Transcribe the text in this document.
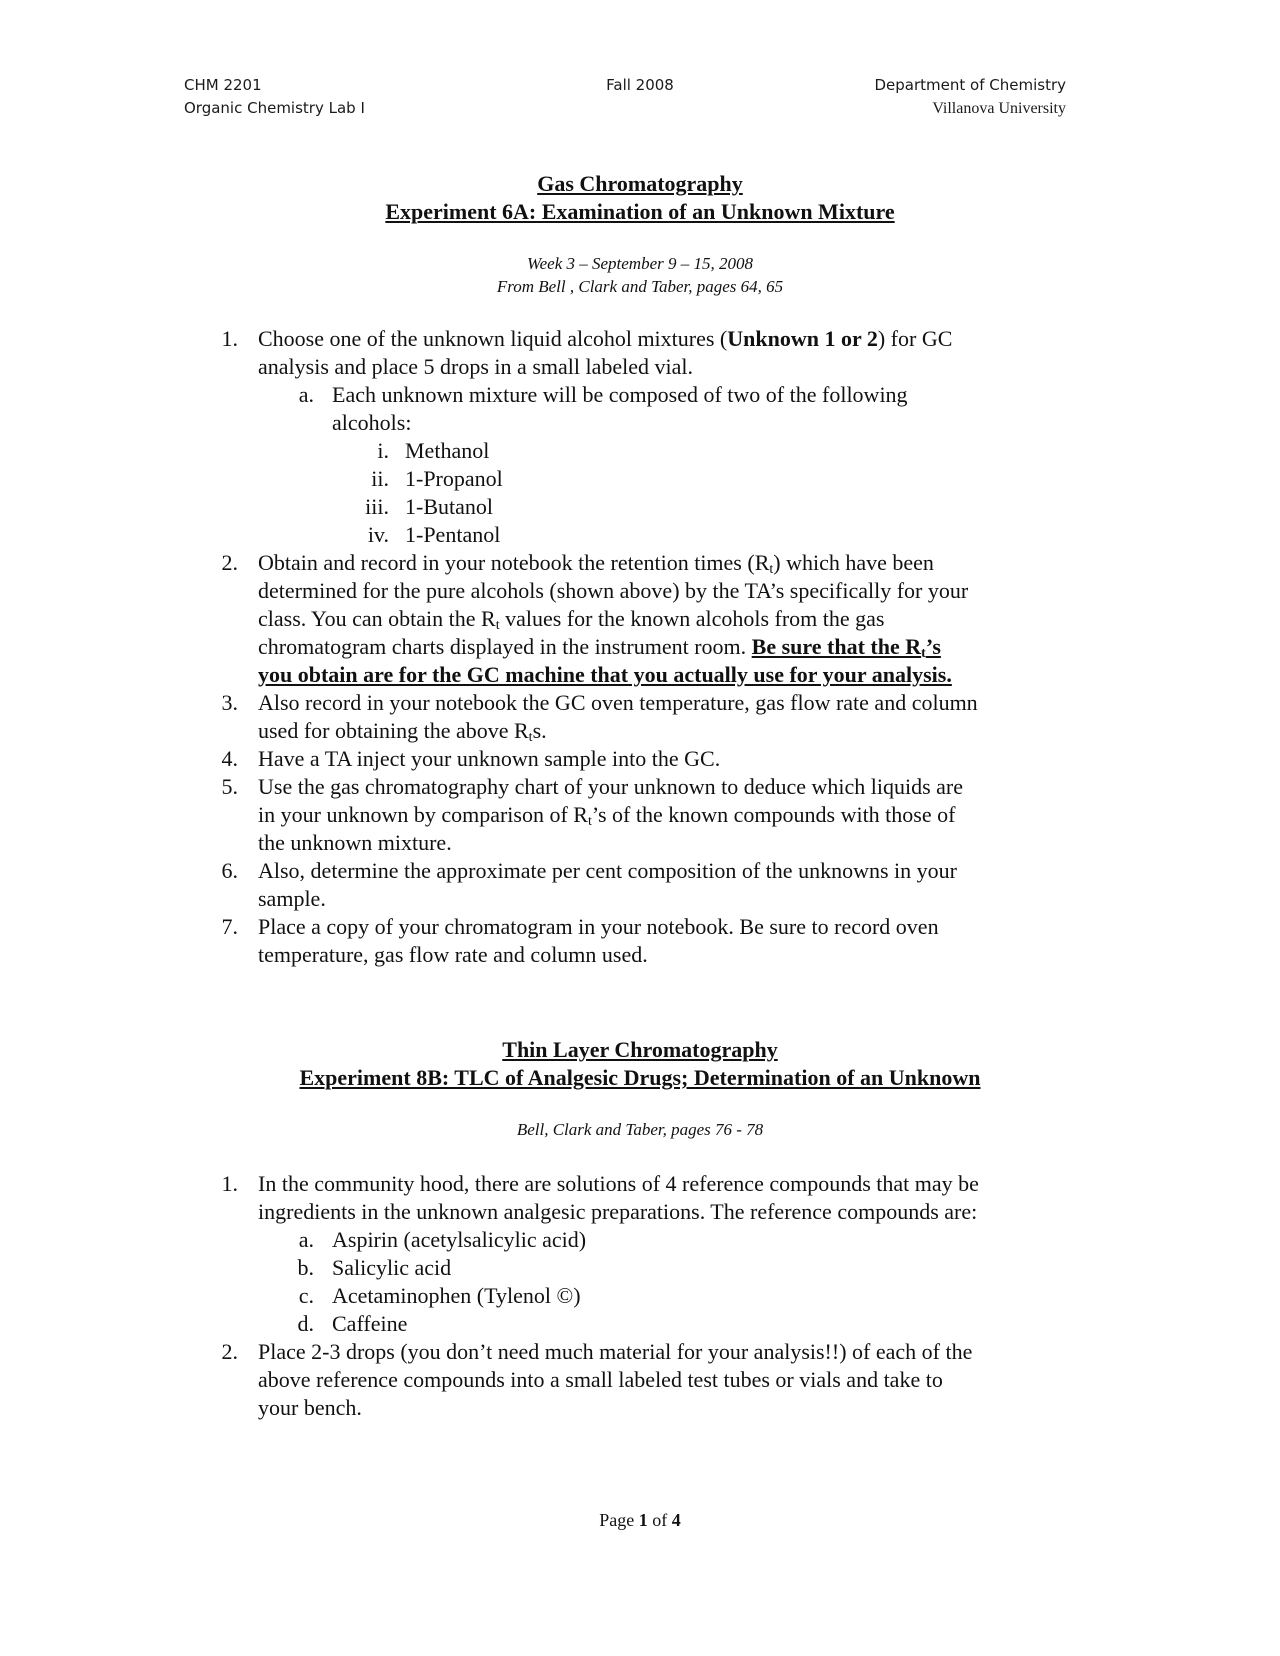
CHM 2201
Organic Chemistry Lab I
Fall 2008	Department of Chemistry
Villanova University
Gas Chromatography
Experiment 6A: Examination of an Unknown Mixture
Week 3 – September 9 – 15, 2008
From Bell , Clark and Taber, pages 64, 65
1. Choose one of the unknown liquid alcohol mixtures (Unknown 1 or 2) for GC
analysis and place 5 drops in a small labeled vial.
a. Each unknown mixture will be composed of two of the following
alcohols:
i. Methanol
ii. 1-Propanol
iii. 1-Butanol
iv. 1-Pentanol
2. Obtain and record in your notebook the retention times $(R_t)$ which have been
determined for the pure alcohols (shown above) by the TA’s specifically for your
class. You can obtain the $R_t$ values for the known alcohols from the gas
chromatogram charts displayed in the instrument room. Be sure that the $R_t’s$
you obtain are for the GC machine that you actually use for your analysis.
3. Also record in your notebook the GC oven temperature, gas flow rate and column
used for obtaining the above $R_ts$.
4. Have a TA inject your unknown sample into the GC.
5. Use the gas chromatography chart of your unknown to deduce which liquids are
in your unknown by comparison of $R_t’s$ of the known compounds with those of
the unknown mixture.
6. Also, determine the approximate per cent composition of the unknowns in your
sample.
7. Place a copy of your chromatogram in your notebook. Be sure to record oven
temperature, gas flow rate and column used.
Thin Layer Chromatography
Experiment 8B: TLC of Analgesic Drugs; Determination of an Unknown
Bell, Clark and Taber, pages 76 - 78
1. In the community hood, there are solutions of 4 reference compounds that may be
ingredients in the unknown analgesic preparations. The reference compounds are:
a. Aspirin (acetylsalicylic acid)
b. Salicylic acid
c. Acetaminophen (Tylenol ©)
d. Caffeine
2. Place 2-3 drops (you don’t need much material for your analysis!!) of each of the
above reference compounds into a small labeled test tubes or vials and take to
your bench.
Page 1 of 4
